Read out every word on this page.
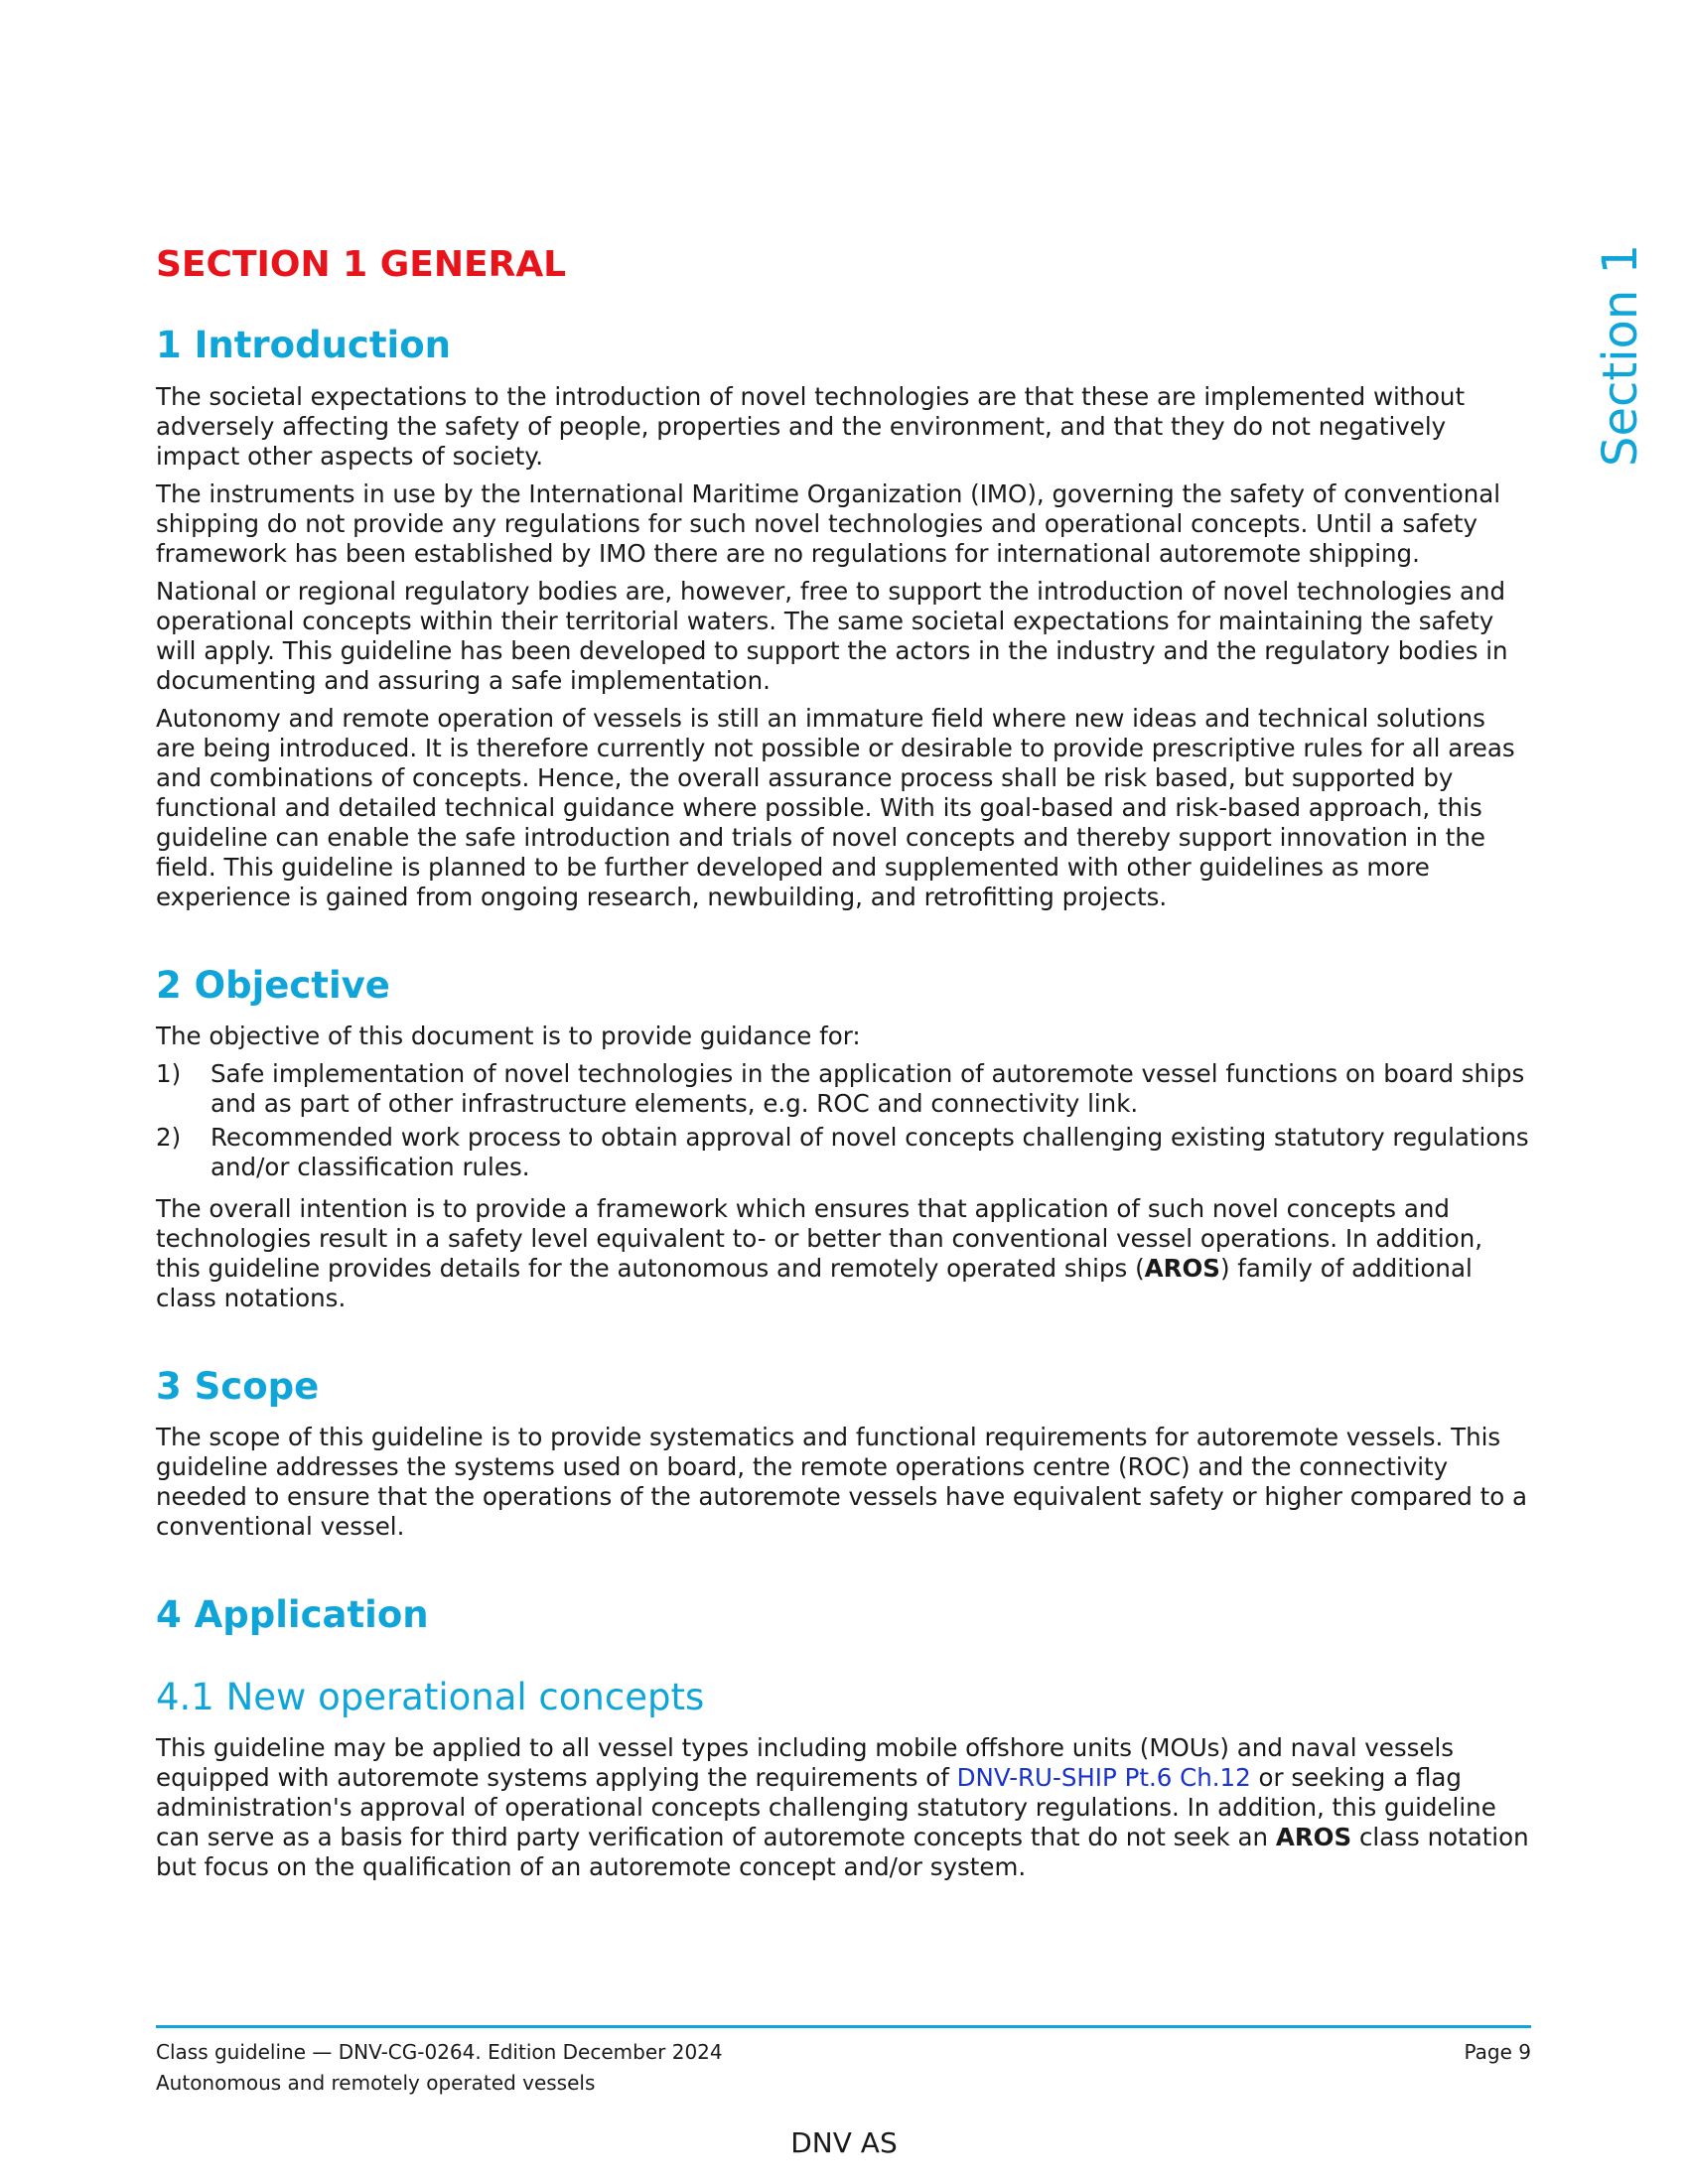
Section 1
SECTION 1 GENERAL
1 Introduction

The societal expectations to the introduction of novel technologies are that these are implemented without adversely affecting the safety of people, properties and the environment, and that they do not negatively impact other aspects of society.

The instruments in use by the International Maritime Organization (IMO), governing the safety of conventional shipping do not provide any regulations for such novel technologies and operational concepts. Until a safety framework has been established by IMO there are no regulations for international autoremote shipping.

National or regional regulatory bodies are, however, free to support the introduction of novel technologies and operational concepts within their territorial waters. The same societal expectations for maintaining the safety will apply. This guideline has been developed to support the actors in the industry and the regulatory bodies in documenting and assuring a safe implementation.

Autonomy and remote operation of vessels is still an immature field where new ideas and technical solutions are being introduced. It is therefore currently not possible or desirable to provide prescriptive rules for all areas and combinations of concepts. Hence, the overall assurance process shall be risk based, but supported by functional and detailed technical guidance where possible. With its goal-based and risk-based approach, this guideline can enable the safe introduction and trials of novel concepts and thereby support innovation in the field. This guideline is planned to be further developed and supplemented with other guidelines as more experience is gained from ongoing research, newbuilding, and retrofitting projects.

2 Objective

The objective of this document is to provide guidance for:

1)	Safe implementation of novel technologies in the application of autoremote vessel functions on board ships and as part of other infrastructure elements, e.g. ROC and connectivity link.
2)	Recommended work process to obtain approval of novel concepts challenging existing statutory regulations and/or classification rules.

The overall intention is to provide a framework which ensures that application of such novel concepts and technologies result in a safety level equivalent to- or better than conventional vessel operations. In addition, this guideline provides details for the autonomous and remotely operated ships (AROS) family of additional class notations.

3 Scope

The scope of this guideline is to provide systematics and functional requirements for autoremote vessels. This guideline addresses the systems used on board, the remote operations centre (ROC) and the connectivity needed to ensure that the operations of the autoremote vessels have equivalent safety or higher compared to a conventional vessel.

4 Application
4.1 New operational concepts

This guideline may be applied to all vessel types including mobile offshore units (MOUs) and naval vessels equipped with autoremote systems applying the requirements of DNV-RU-SHIP Pt.6 Ch.12 or seeking a flag administration's approval of operational concepts challenging statutory regulations. In addition, this guideline can serve as a basis for third party verification of autoremote concepts that do not seek an AROS class notation but focus on the qualification of an autoremote concept and/or system.

Class guideline — DNV-CG-0264. Edition December 2024
Autonomous and remotely operated vessels
Page 9
DNV AS
